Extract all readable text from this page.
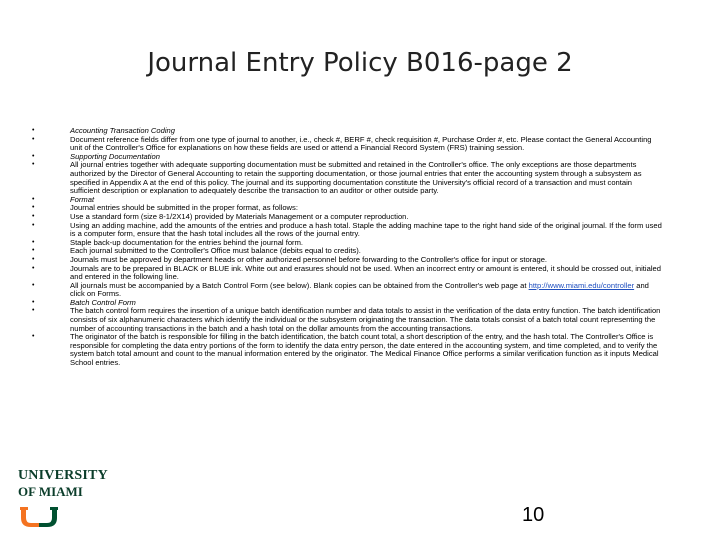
Journal Entry Policy B016-page 2
•	Accounting Transaction Coding
•	Document reference fields differ from one type of journal to another, i.e., check #, BERF #, check requisition #, Purchase Order #, etc. Please contact the General Accounting unit of the Controller's Office for explanations on how these fields are used or attend a Financial Record System (FRS) training session.
•	Supporting Documentation
•	All journal entries together with adequate supporting documentation must be submitted and retained in the Controller's office. The only exceptions are those departments authorized by the Director of General Accounting to retain the supporting documentation, or those journal entries that enter the accounting system through a subsystem as specified in Appendix A at the end of this policy. The journal and its supporting documentation constitute the University's official record of a transaction and must contain sufficient description or explanation to adequately describe the transaction to an auditor or other outside party.
•	Format
•	Journal entries should be submitted in the proper format, as follows:
•	Use a standard form (size 8-1/2X14) provided by Materials Management or a computer reproduction.
•	Using an adding machine, add the amounts of the entries and produce a hash total. Staple the adding machine tape to the right hand side of the original journal. If the form used is a computer form, ensure that the hash total includes all the rows of the journal entry.
•	Staple back-up documentation for the entries behind the journal form.
•	Each journal submitted to the Controller's Office must balance (debits equal to credits).
•	Journals must be approved by department heads or other authorized personnel before forwarding to the Controller's office for input or storage.
•	Journals are to be prepared in BLACK or BLUE ink. White out and erasures should not be used. When an incorrect entry or amount is entered, it should be crossed out, initialed and entered in the following line.
•	All journals must be accompanied by a Batch Control Form (see below). Blank copies can be obtained from the Controller's web page at http://www.miami.edu/controller and click on Forms.
•	Batch Control Form
•	The batch control form requires the insertion of a unique batch identification number and data totals to assist in the verification of the data entry function. The batch identification consists of six alphanumeric characters which identify the individual or the subsystem originating the transaction. The data totals consist of a batch total count representing the number of accounting transactions in the batch and a hash total on the dollar amounts from the accounting transactions.
•	The originator of the batch is responsible for filling in the batch identification, the batch count total, a short description of the entry, and the hash total. The Controller's Office is responsible for completing the data entry portions of the form to identify the data entry person, the date entered in the accounting system, and time completed, and to verify the system batch total amount and count to the manual information entered by the originator. The Medical Finance Office performs a similar verification function as it inputs Medical School entries.
UNIVERSITY
OF MIAMI
10
